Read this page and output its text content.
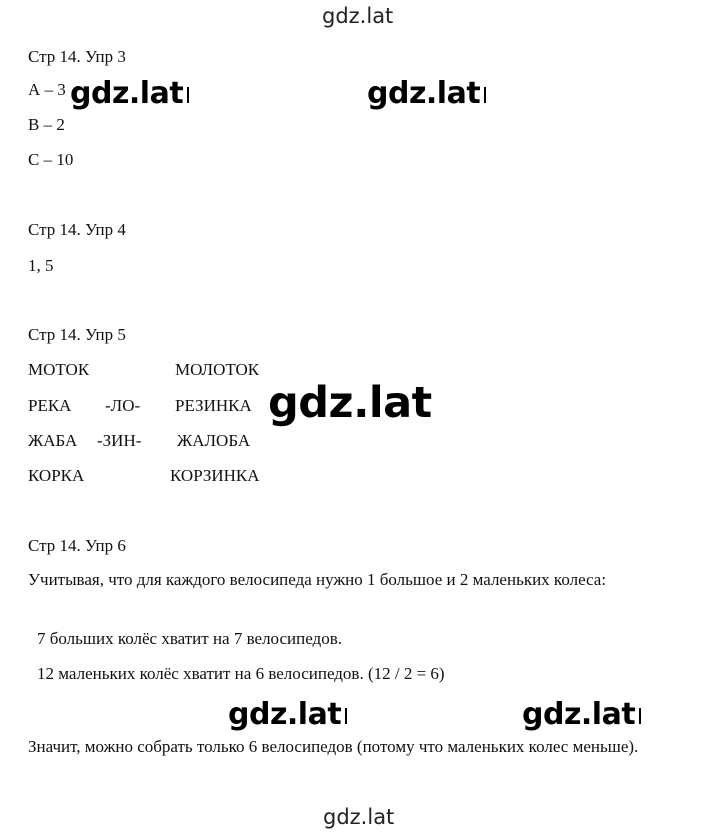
gdz.lat
Стр 14. Упр 3
А – 3
В – 2
С – 10
Стр 14. Упр 4
1, 5
Стр 14. Упр 5
МОТОК	МОЛОТОК
РЕКА -ЛО- РЕЗИНКА
ЖАБА -ЗИН- ЖАЛОБА
КОРКА	КОРЗИНКА
Стр 14. Упр 6
Учитывая, что для каждого велосипеда нужно 1 большое и 2 маленьких колеса:
7 больших колёс хватит на 7 велосипедов.
12 маленьких колёс хватит на 6 велосипедов. (12 / 2 = 6)
Значит, можно собрать только 6 велосипедов (потому что маленьких колес меньше).
gdz.lat	gdz.lat
gdz.lat
gdz.lat	gdz.lat
gdz.lat
